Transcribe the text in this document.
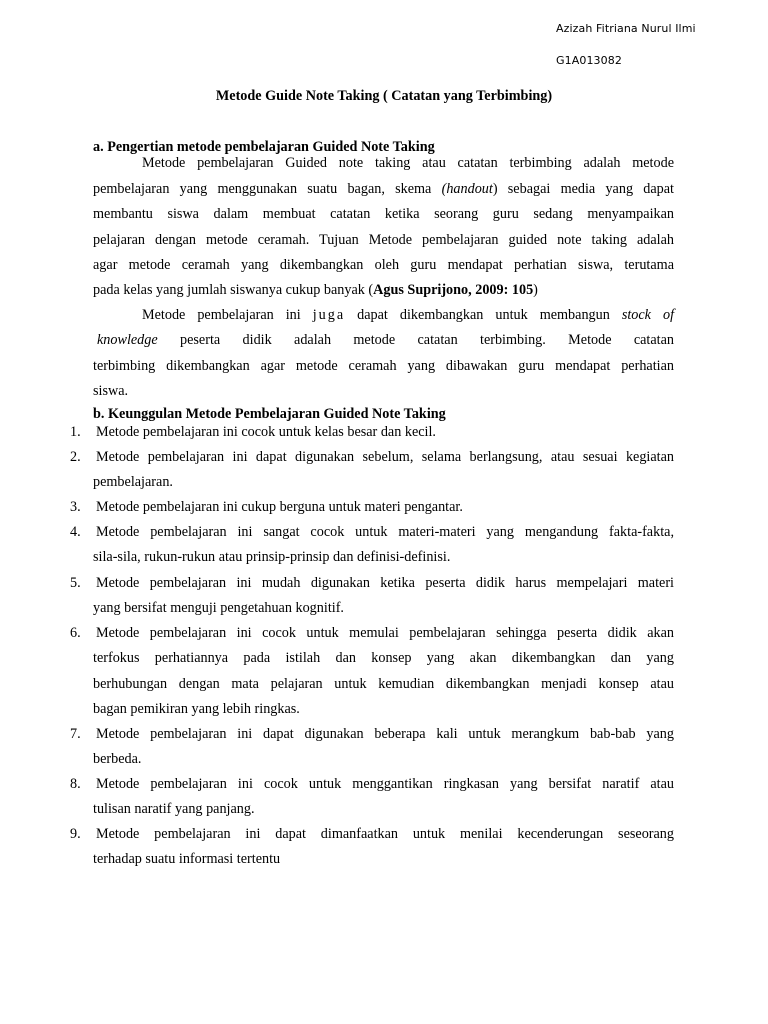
Azizah Fitriana Nurul Ilmi
G1A013082
Metode Guide Note Taking ( Catatan yang Terbimbing)
a. Pengertian metode pembelajaran Guided Note Taking
Metode pembelajaran Guided note taking atau catatan terbimbing adalah metode
pembelajaran yang menggunakan suatu bagan, skema (handout) sebagai media yang dapat
membantu siswa dalam membuat catatan ketika seorang guru sedang menyampaikan
pelajaran dengan metode ceramah. Tujuan Metode pembelajaran guided note taking adalah
agar metode ceramah yang dikembangkan oleh guru mendapat perhatian siswa, terutama
pada kelas yang jumlah siswanya cukup banyak (Agus Suprijono, 2009: 105)
Metode pembelajaran ini juga dapat dikembangkan untuk membangun stock of
knowledge peserta didik adalah metode catatan terbimbing. Metode catatan
terbimbing dikembangkan agar metode ceramah yang dibawakan guru mendapat perhatian
siswa.
b. Keunggulan Metode Pembelajaran Guided Note Taking
1. Metode pembelajaran ini cocok untuk kelas besar dan kecil.
2. Metode pembelajaran ini dapat digunakan sebelum, selama berlangsung, atau sesuai kegiatan
pembelajaran.
3. Metode pembelajaran ini cukup berguna untuk materi pengantar.
4. Metode pembelajaran ini sangat cocok untuk materi-materi yang mengandung fakta-fakta,
sila-sila, rukun-rukun atau prinsip-prinsip dan definisi-definisi.
5. Metode pembelajaran ini mudah digunakan ketika peserta didik harus mempelajari materi
yang bersifat menguji pengetahuan kognitif.
6. Metode pembelajaran ini cocok untuk memulai pembelajaran sehingga peserta didik akan
terfokus perhatiannya pada istilah dan konsep yang akan dikembangkan dan yang
berhubungan dengan mata pelajaran untuk kemudian dikembangkan menjadi konsep atau
bagan pemikiran yang lebih ringkas.
7. Metode pembelajaran ini dapat digunakan beberapa kali untuk merangkum bab-bab yang
berbeda.
8. Metode pembelajaran ini cocok untuk menggantikan ringkasan yang bersifat naratif atau
tulisan naratif yang panjang.
9. Metode pembelajaran ini dapat dimanfaatkan untuk menilai kecenderungan seseorang
terhadap suatu informasi tertentu
